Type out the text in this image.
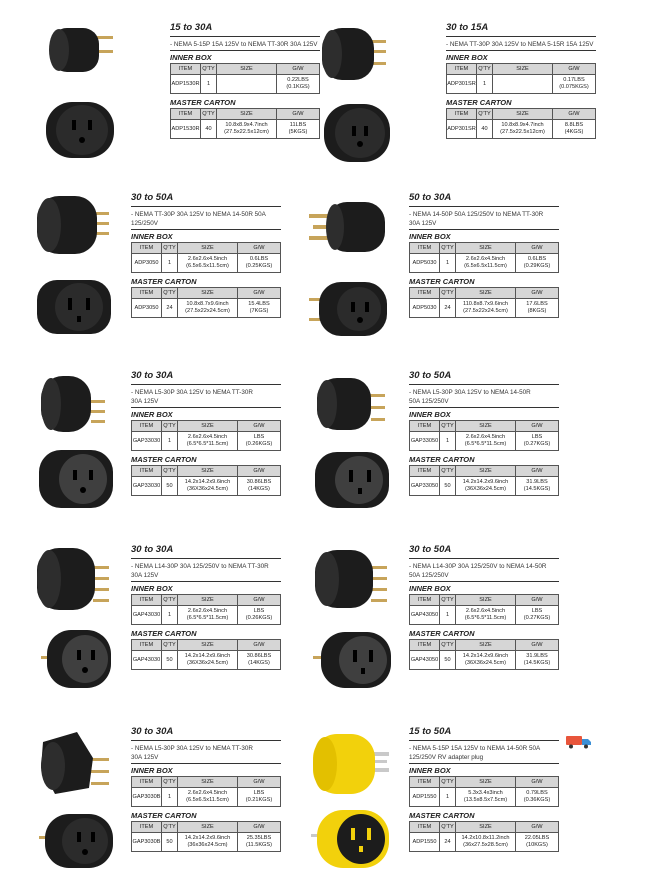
15 to 30A

- NEMA 5-15P 15A 125V to NEMA TT-30R 30A 125V

INNER BOX

ITEM	Q'TY	SIZE	G/W
ADP1530R	1		0.22LBS
(0.1KGS)

MASTER CARTON

ITEM	Q'TY	SIZE	G/W
ADP1530R	40	10.8x8.9x4.7inch
(27.5x22.5x12cm)	11LBS
(5KGS)

30 to 15A

- NEMA TT-30P 30A 125V to NEMA 5-15R 15A 125V

INNER BOX

ITEM	Q'TY	SIZE	G/W
ADP301SR	1		0.17LBS
(0.075KGS)

MASTER CARTON

ITEM	Q'TY	SIZE	G/W
ADP301SR	40	10.8x8.9x4.7inch
(27.5x22.5x12cm)	8.8LBS
(4KGS)

30 to 50A

- NEMA TT-30P 30A 125V to NEMA 14-50R 50A
125/250V

INNER BOX

ITEM	Q'TY	SIZE	G/W
ADP3050	1	2.6x2.6x4.5inch
(6.5x6.5x11.5cm)	0.6LBS
(0.25KGS)

MASTER CARTON

ITEM	Q'TY	SIZE	G/W
ADP3050	24	10.8x8.7x9.6inch
(27.5x22x24.5cm)	15.4LBS
(7KGS)

50 to 30A

- NEMA 14-50P 50A 125/250V to NEMA TT-30R
30A 125V

INNER BOX

ITEM	Q'TY	SIZE	G/W
ADP5030	1	2.6x2.6x4.5inch
(6.5x6.5x11.5cm)	0.6LBS
(0.29KGS)

MASTER CARTON

ITEM	Q'TY	SIZE	G/W
ADP5030	24	110.8x8.7x9.6inch
(27.5x22x24.5cm)	17.6LBS
(8KGS)

30 to 30A

- NEMA L5-30P 30A 125V to NEMA TT-30R
30A 125V

INNER BOX

ITEM	Q'TY	SIZE	G/W
GAP33030	1	2.6x2.6x4.5inch
(6.5*6.5*11.5cm)	LBS
(0.26KGS)

MASTER CARTON

ITEM	Q'TY	SIZE	G/W
GAP33030	50	14.2x14.2x9.6inch
(36X36x24.5cm)	30.86LBS
(14KGS)

30 to 50A

- NEMA L5-30P 30A 125V to NEMA 14-50R
50A 125/250V

INNER BOX

ITEM	Q'TY	SIZE	G/W
GAP33050	1	2.6x2.6x4.5inch
(6.5*6.5*11.5cm)	LBS
(0.27KGS)

MASTER CARTON

ITEM	Q'TY	SIZE	G/W
GAP33050	50	14.2x14.2x9.6inch
(36X36x24.5cm)	31.9LBS
(14.5KGS)

30 to 30A

- NEMA L14-30P 30A 125/250V to NEMA TT-30R
30A 125V

INNER BOX

ITEM	Q'TY	SIZE	G/W
GAP43030	1	2.6x2.6x4.5inch
(6.5*6.5*11.5cm)	LBS
(0.26KGS)

MASTER CARTON

ITEM	Q'TY	SIZE	G/W
GAP43030	50	14.2x14.2x9.6inch
(36X36x24.5cm)	30.86LBS
(14KGS)

30 to 50A

- NEMA L14-30P 30A 125/250V to NEMA 14-50R
50A 125/250V

INNER BOX

ITEM	Q'TY	SIZE	G/W
GAP43050	1	2.6x2.6x4.5inch
(6.5*6.5*11.5cm)	LBS
(0.27KGS)

MASTER CARTON

ITEM	Q'TY	SIZE	G/W
GAP43050	50	14.2x14.2x9.6inch
(36X36x24.5cm)	31.9LBS
(14.5KGS)

30 to 30A

- NEMA L5-30P 30A 125V to NEMA TT-30R
30A 125V

INNER BOX

ITEM	Q'TY	SIZE	G/W
GAP3030B	1	2.6x2.6x4.5inch
(6.5x6.5x11.5cm)	LBS
(0.21KGS)

MASTER CARTON

ITEM	Q'TY	SIZE	G/W
GAP3030B	50	14.2x14.2x9.6inch
(36x36x24.5cm)	25.35LBS
(11.5KGS)

15 to 50A

- NEMA 5-15P 15A 125V to NEMA 14-50R 50A
125/250V RV adapter plug

INNER BOX

ITEM	Q'TY	SIZE	G/W
ADP1550	1	5.3x3.4x3inch
(13.5x8.5x7.5cm)	0.79LBS
(0.36KGS)

MASTER CARTON

ITEM	Q'TY	SIZE	G/W
ADP1550	24	14.2x10.8x11.2inch
(36x27.5x28.5cm)	22.05LBS
(10KGS)
